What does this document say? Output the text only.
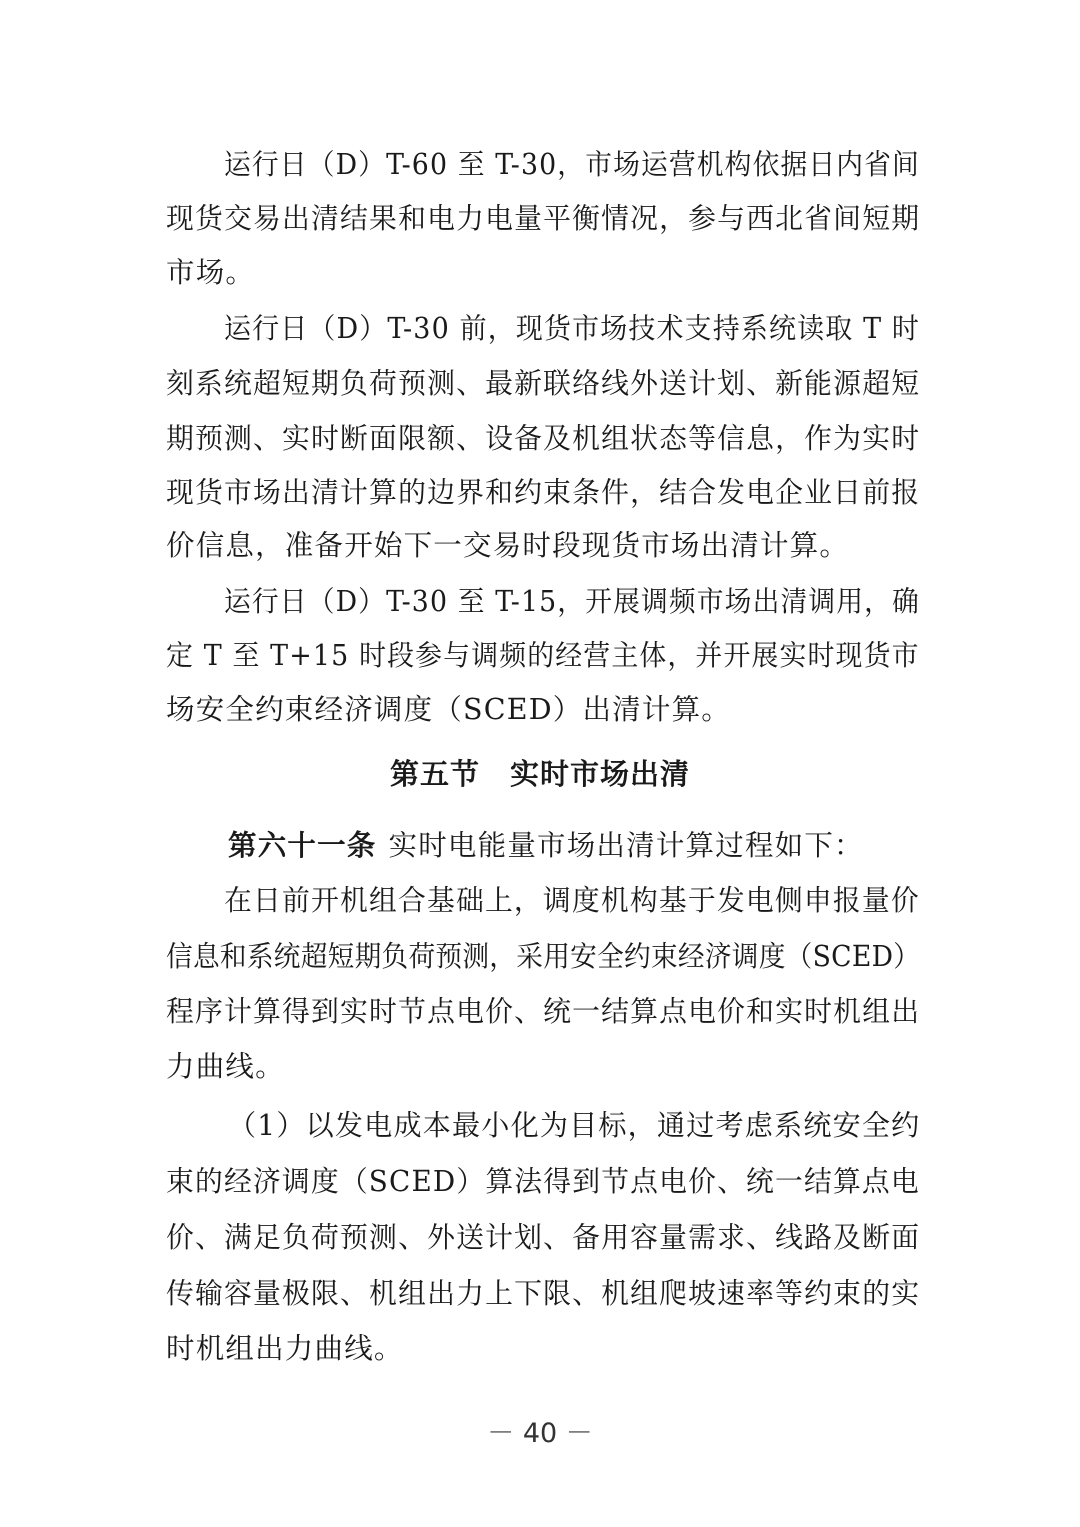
运行日（D）T-60 至 T-30，市场运营机构依据日内省间
现货交易出清结果和电力电量平衡情况，参与西北省间短期
市场。
运行日（D）T-30 前，现货市场技术支持系统读取 T 时
刻系统超短期负荷预测、最新联络线外送计划、新能源超短
期预测、实时断面限额、设备及机组状态等信息，作为实时
现货市场出清计算的边界和约束条件，结合发电企业日前报
价信息，准备开始下一交易时段现货市场出清计算。
运行日（D）T-30 至 T-15，开展调频市场出清调用，确
定 T 至 T+15 时段参与调频的经营主体，并开展实时现货市
场安全约束经济调度（SCED）出清计算。
第五节 实时市场出清
第六十一条 实时电能量市场出清计算过程如下：
在日前开机组合基础上，调度机构基于发电侧申报量价
信息和系统超短期负荷预测，采用安全约束经济调度（SCED）
程序计算得到实时节点电价、统一结算点电价和实时机组出
力曲线。
（1）以发电成本最小化为目标，通过考虑系统安全约
束的经济调度（SCED）算法得到节点电价、统一结算点电
价、满足负荷预测、外送计划、备用容量需求、线路及断面
传输容量极限、机组出力上下限、机组爬坡速率等约束的实
时机组出力曲线。
－ 40 －
